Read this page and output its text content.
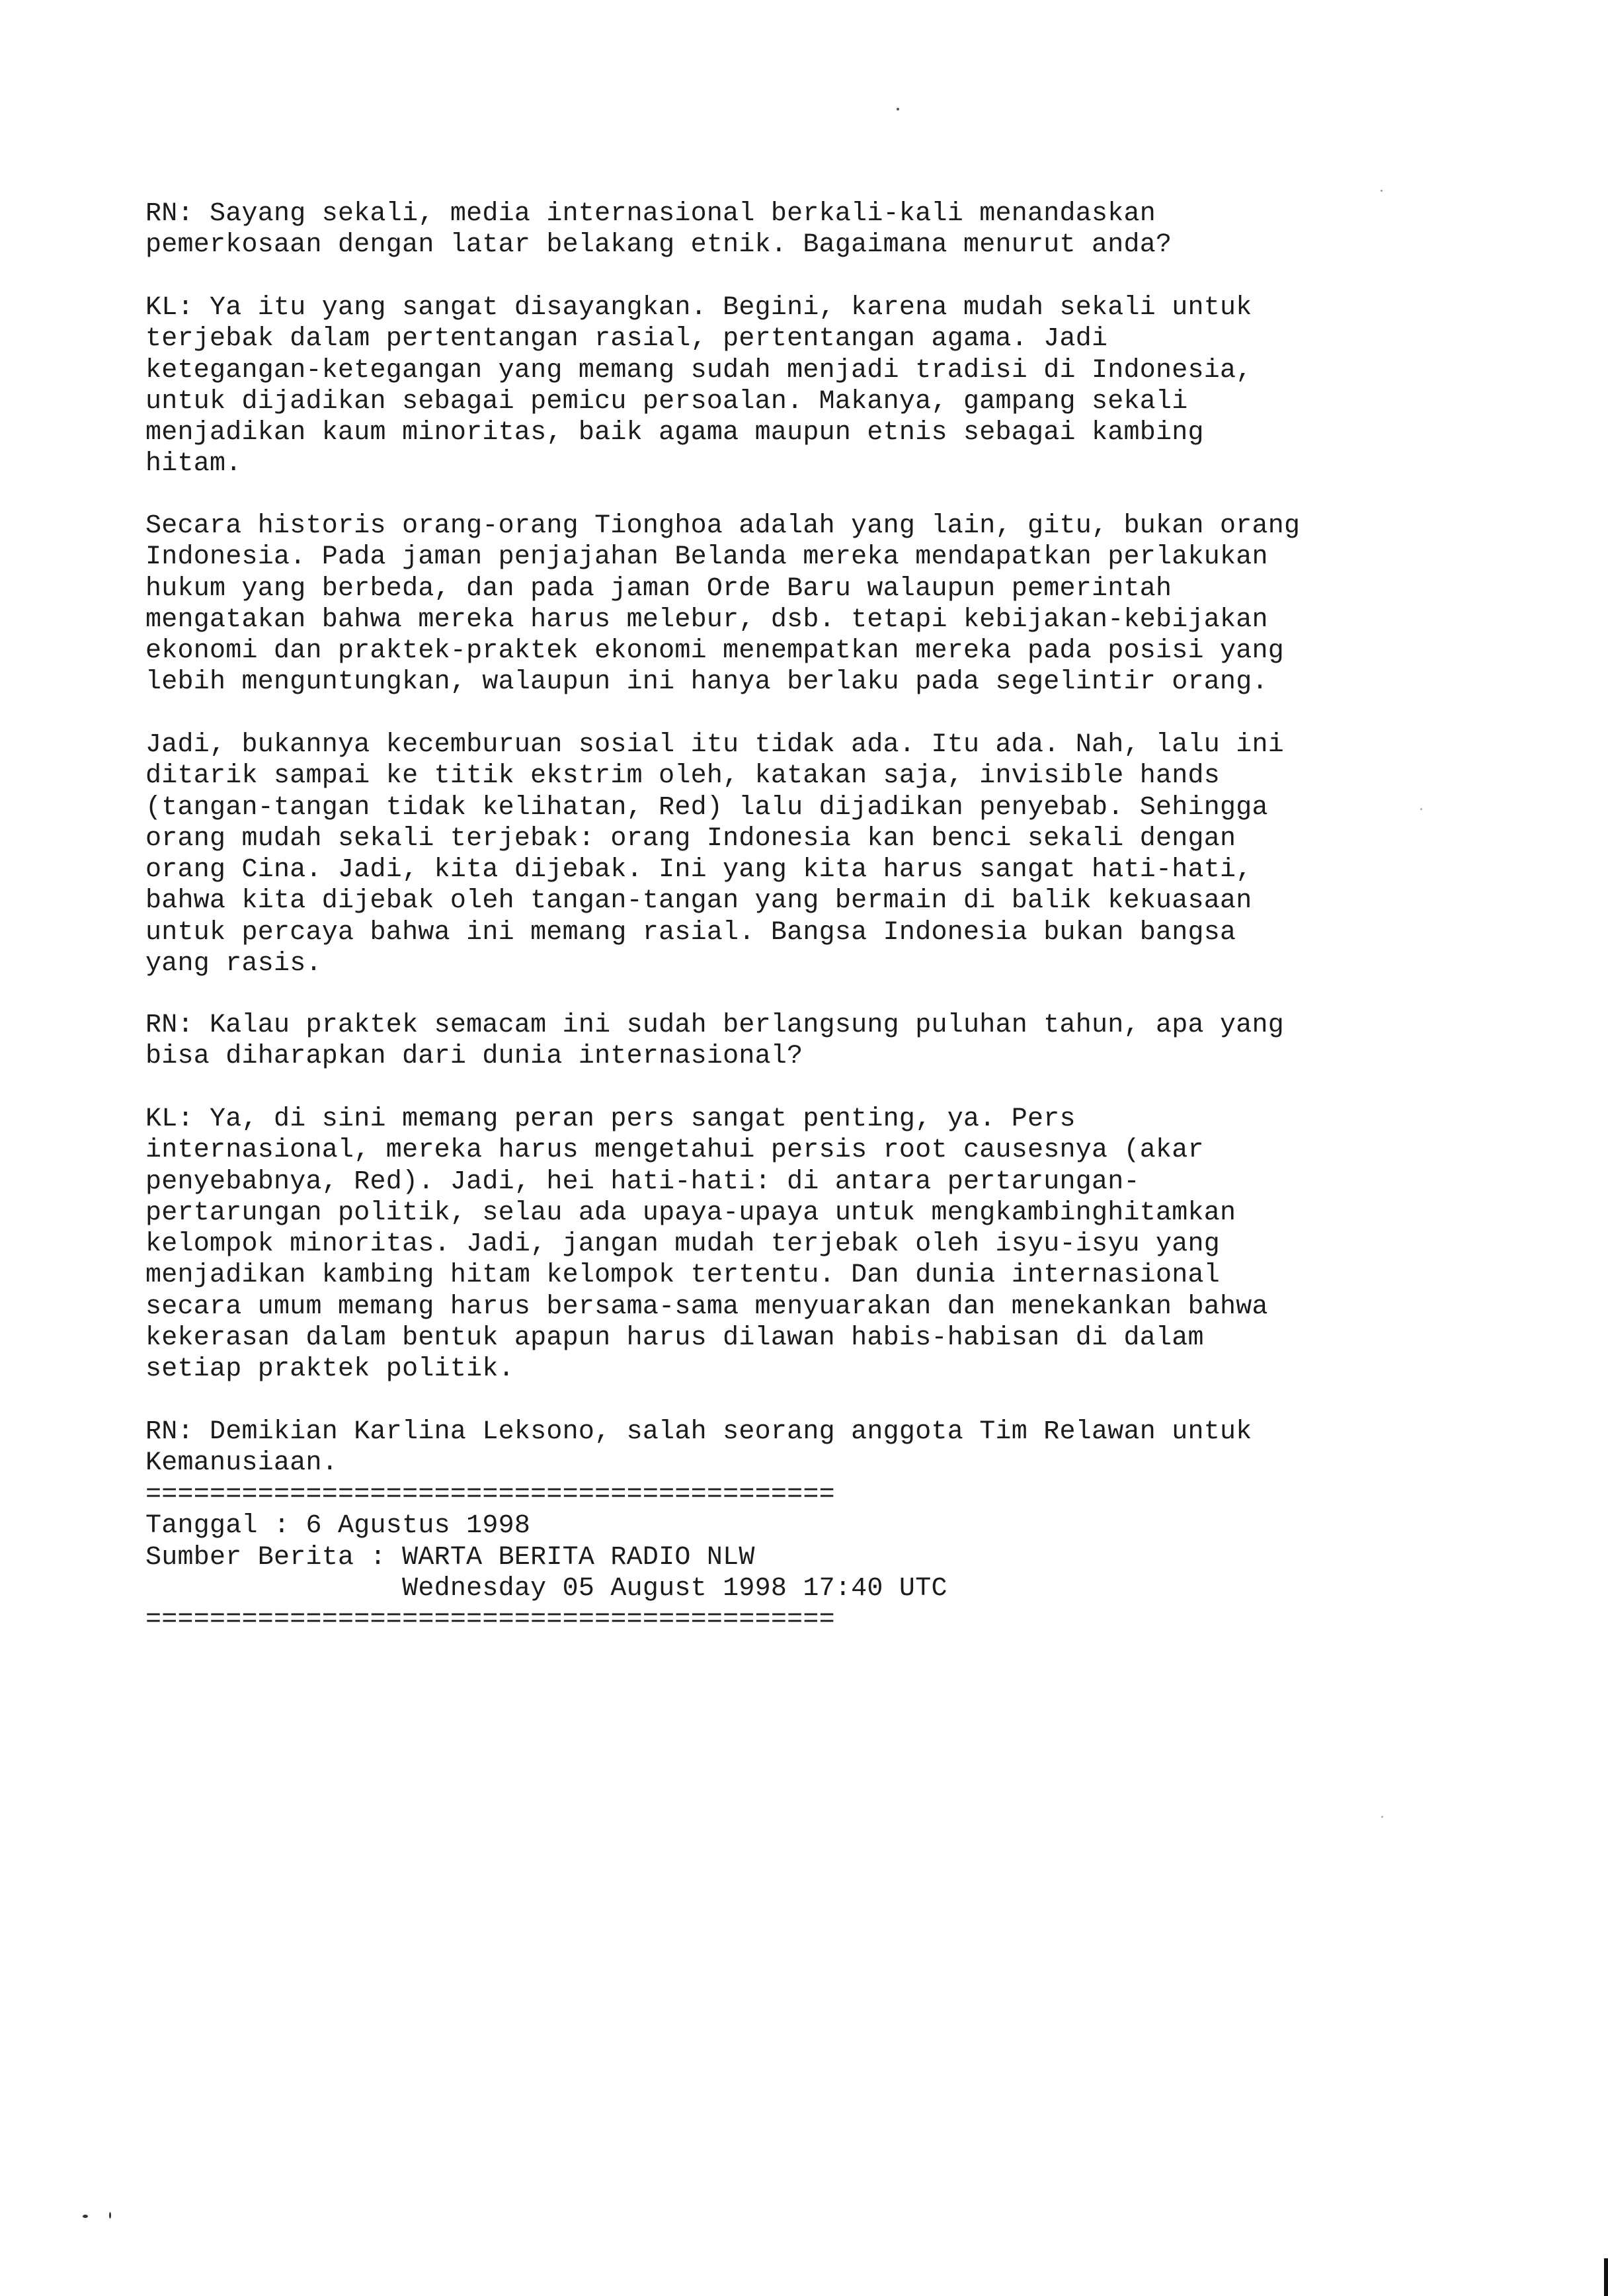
RN: Sayang sekali, media internasional berkali-kali menandaskan
pemerkosaan dengan latar belakang etnik. Bagaimana menurut anda?
KL: Ya itu yang sangat disayangkan. Begini, karena mudah sekali untuk
terjebak dalam pertentangan rasial, pertentangan agama. Jadi
ketegangan-ketegangan yang memang sudah menjadi tradisi di Indonesia,
untuk dijadikan sebagai pemicu persoalan. Makanya, gampang sekali
menjadikan kaum minoritas, baik agama maupun etnis sebagai kambing
hitam.
Secara historis orang-orang Tionghoa adalah yang lain, gitu, bukan orang
Indonesia. Pada jaman penjajahan Belanda mereka mendapatkan perlakukan
hukum yang berbeda, dan pada jaman Orde Baru walaupun pemerintah
mengatakan bahwa mereka harus melebur, dsb. tetapi kebijakan-kebijakan
ekonomi dan praktek-praktek ekonomi menempatkan mereka pada posisi yang
lebih menguntungkan, walaupun ini hanya berlaku pada segelintir orang.
Jadi, bukannya kecemburuan sosial itu tidak ada. Itu ada. Nah, lalu ini
ditarik sampai ke titik ekstrim oleh, katakan saja, invisible hands
(tangan-tangan tidak kelihatan, Red) lalu dijadikan penyebab. Sehingga
orang mudah sekali terjebak: orang Indonesia kan benci sekali dengan
orang Cina. Jadi, kita dijebak. Ini yang kita harus sangat hati-hati,
bahwa kita dijebak oleh tangan-tangan yang bermain di balik kekuasaan
untuk percaya bahwa ini memang rasial. Bangsa Indonesia bukan bangsa
yang rasis.
RN: Kalau praktek semacam ini sudah berlangsung puluhan tahun, apa yang
bisa diharapkan dari dunia internasional?
KL: Ya, di sini memang peran pers sangat penting, ya. Pers
internasional, mereka harus mengetahui persis root causesnya (akar
penyebabnya, Red). Jadi, hei hati-hati: di antara pertarungan-
pertarungan politik, selau ada upaya-upaya untuk mengkambinghitamkan
kelompok minoritas. Jadi, jangan mudah terjebak oleh isyu-isyu yang
menjadikan kambing hitam kelompok tertentu. Dan dunia internasional
secara umum memang harus bersama-sama menyuarakan dan menekankan bahwa
kekerasan dalam bentuk apapun harus dilawan habis-habisan di dalam
setiap praktek politik.
RN: Demikian Karlina Leksono, salah seorang anggota Tim Relawan untuk
Kemanusiaan.
===========================================
Tanggal : 6 Agustus 1998
Sumber Berita : WARTA BERITA RADIO NLW
Wednesday 05 August 1998 17:40 UTC
===========================================
